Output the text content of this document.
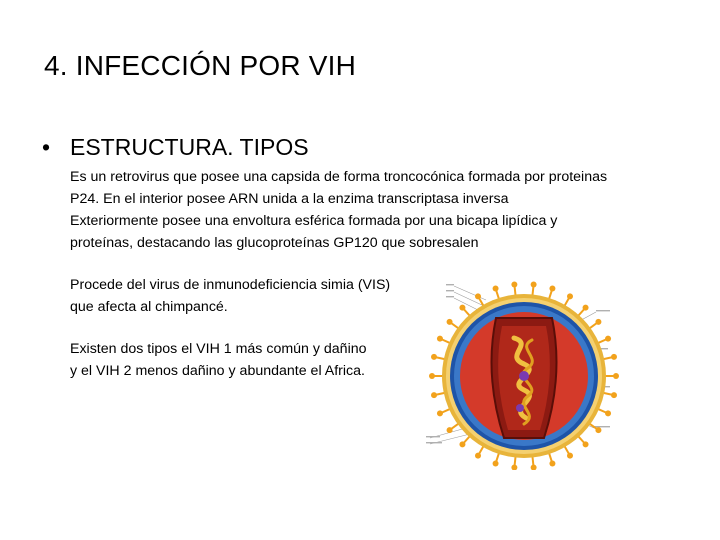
4. INFECCIÓN POR VIH
• ESTRUCTURA. TIPOS
Es un retrovirus que posee una capsida de forma troncocónica formada por proteinas
P24. En el interior posee ARN unida a la enzima transcriptasa inversa
Exteriormente posee una envoltura esférica formada por una bicapa lipídica y
proteínas, destacando las glucoproteínas GP120 que sobresalen
Procede del virus de inmunodeficiencia simia (VIS)
que afecta al chimpancé.
Existen dos tipos el VIH 1 más común y dañino
y el VIH 2 menos dañino y abundante el Africa.
